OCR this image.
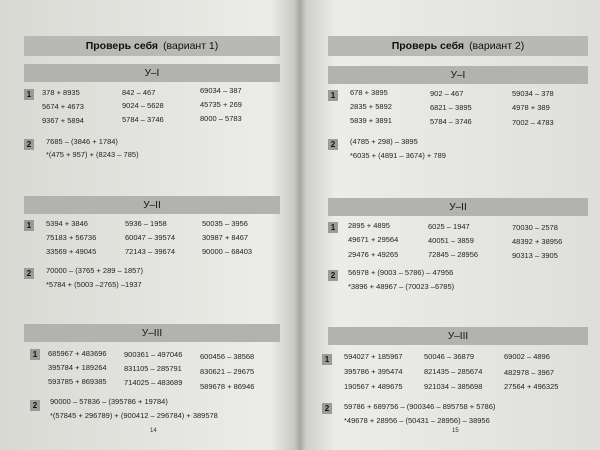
Проверь себя (вариант 1)
У–I
1	378 + 8935	842 – 467	69034 – 387
5674 + 4673	9024 – 5628	45735 + 269
9367 + 5894	5784 – 3746	8000 – 5783
2	7685 – (3846 + 1784)
*(475 + 957) + (8243 – 785)
У–II
1	5394 + 3846	5936 – 1958	50035 – 3956
75183 + 56736	60047 – 39574	30987 + 8467
33569 + 49045	72143 – 39674	90000 – 68403
2	70000 – (3765 + 289 – 1857)
*5784 + (5003 –2765) –1937
У–III
1	685967 + 483696 900361 – 497046 600456 – 38568
395784 + 189264 831105 – 285791 830621 – 29675
593785 + 869385 714025 – 483689 589678 + 86946
2	90000 – 57836 – (395786 + 19784)
*(57845 + 296789) + (900412 – 296784) + 389578
14
Проверь себя (вариант 2)
У–I
1	678 + 3895	902 – 467	59034 – 378
2835 + 5892	6821 – 3895	4978 + 389
5839 + 3891	5784 – 3746	7002 – 4783
2	(4785 + 298) – 3895
*6035 + (4891 – 3674) + 789
У–II
1	2895 + 4895	6025 – 1947	70030 – 2578
49671 + 29564	40051 – 3859	48392 + 38956
29476 + 49265	72845 – 28956	90313 – 3905
2	56978 + (9003 – 5786) – 47956
*3896 + 48967 – (70023 –6785)
У–III
1	594027 + 185967	50046 – 36879	69002 – 4896
395786 + 395474	821435 – 285674	482978 – 3967
190567 + 489675	921034 – 385698	27564 + 496325
2	59786 + 689756 – (900346 – 895758 + 5786)
*49678 + 28956 – (50431 – 28956) – 38956
15
